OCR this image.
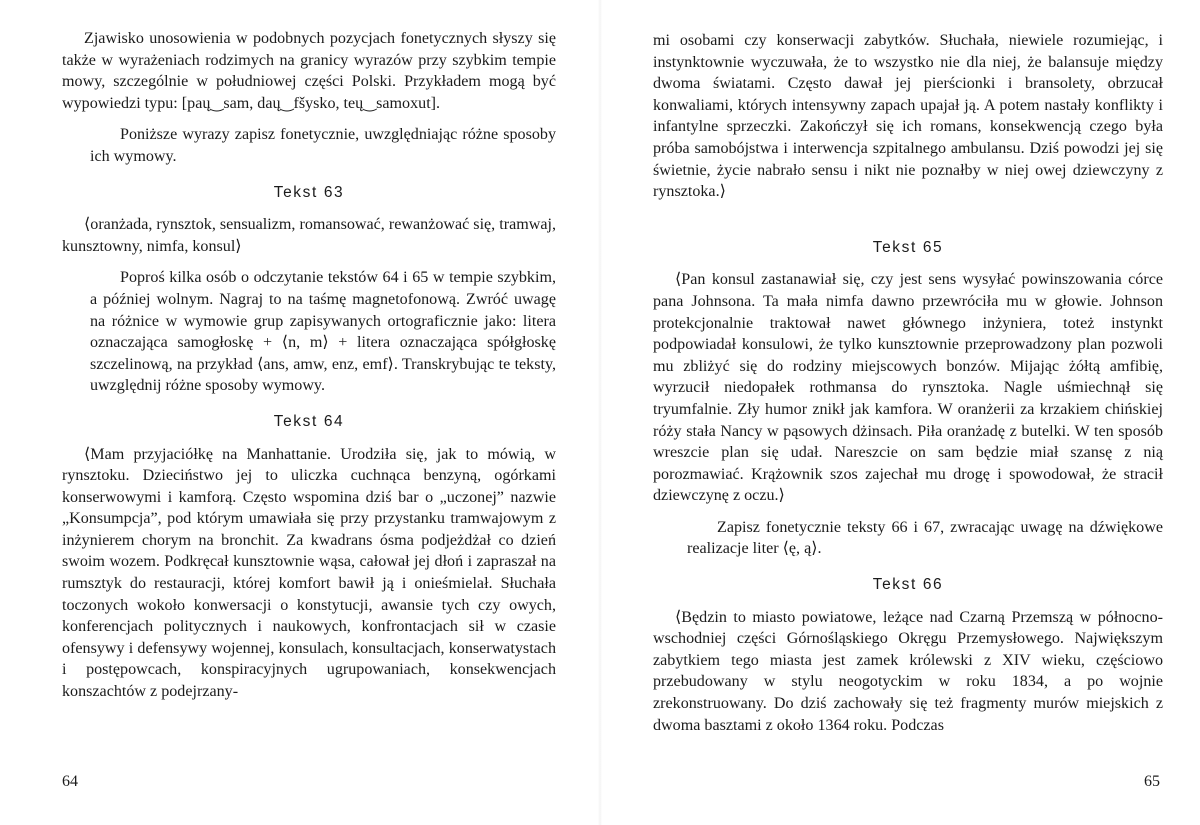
Zjawisko unosowienia w podobnych pozycjach fonetycznych słyszy się także w wyrażeniach rodzimych na granicy wyrazów przy szybkim tempie mowy, szczególnie w południowej części Polski. Przykładem mogą być wypowiedzi typu: [paų‿sam, daų‿fšysko, teų‿samoxut].

Poniższe wyrazy zapisz fonetycznie, uwzględniając różne sposoby ich wymowy.

Tekst 63

⟨oranżada, rynsztok, sensualizm, romansować, rewanżować się, tramwaj, kunsztowny, nimfa, konsul⟩

Poproś kilka osób o odczytanie tekstów 64 i 65 w tempie szybkim, a później wolnym. Nagraj to na taśmę magnetofonową. Zwróć uwagę na różnice w wymowie grup zapisywanych ortograficznie jako: litera oznaczająca samogłoskę + ⟨n, m⟩ + litera oznaczająca spółgłoskę szczelinową, na przykład ⟨ans, amw, enz, emf⟩. Transkrybując te teksty, uwzględnij różne sposoby wymowy.

Tekst 64

⟨Mam przyjaciółkę na Manhattanie. Urodziła się, jak to mówią, w rynsztoku. Dzieciństwo jej to uliczka cuchnąca benzyną, ogórkami konserwowymi i kamforą. Często wspomina dziś bar o „uczonej” nazwie „Konsumpcja”, pod którym umawiała się przy przystanku tramwajowym z inżynierem chorym na bronchit. Za kwadrans ósma podjeżdżał co dzień swoim wozem. Podkręcał kunsztownie wąsa, całował jej dłoń i zapraszał na rumsztyk do restauracji, której komfort bawił ją i onieśmielał. Słuchała toczonych wokoło konwersacji o konstytucji, awansie tych czy owych, konferencjach politycznych i naukowych, konfrontacjach sił w czasie ofensywy i defensywy wojennej, konsulach, konsultacjach, konserwatystach i postępowcach, konspiracyjnych ugrupowaniach, konsekwencjach konszachtów z podejrzany-

64

mi osobami czy konserwacji zabytków. Słuchała, niewiele rozumiejąc, i instynktownie wyczuwała, że to wszystko nie dla niej, że balansuje między dwoma światami. Często dawał jej pierścionki i bransolety, obrzucał konwaliami, których intensywny zapach upajał ją. A potem nastały konflikty i infantylne sprzeczki. Zakończył się ich romans, konsekwencją czego była próba samobójstwa i interwencja szpitalnego ambulansu. Dziś powodzi jej się świetnie, życie nabrało sensu i nikt nie poznałby w niej owej dziewczyny z rynsztoka.⟩

Tekst 65

⟨Pan konsul zastanawiał się, czy jest sens wysyłać powinszowania córce pana Johnsona. Ta mała nimfa dawno przewróciła mu w głowie. Johnson protekcjonalnie traktował nawet głównego inżyniera, toteż instynkt podpowiadał konsulowi, że tylko kunsztownie przeprowadzony plan pozwoli mu zbliżyć się do rodziny miejscowych bonzów. Mijając żółtą amfibię, wyrzucił niedopałek rothmansa do rynsztoka. Nagle uśmiechnął się tryumfalnie. Zły humor znikł jak kamfora. W oranżerii za krzakiem chińskiej róży stała Nancy w pąsowych dżinsach. Piła oranżadę z butelki. W ten sposób wreszcie plan się udał. Nareszcie on sam będzie miał szansę z nią porozmawiać. Krążownik szos zajechał mu drogę i spowodował, że stracił dziewczynę z oczu.⟩

Zapisz fonetycznie teksty 66 i 67, zwracając uwagę na dźwiękowe realizacje liter ⟨ę, ą⟩.

Tekst 66

⟨Będzin to miasto powiatowe, leżące nad Czarną Przemszą w północno-wschodniej części Górnośląskiego Okręgu Przemysłowego. Największym zabytkiem tego miasta jest zamek królewski z XIV wieku, częściowo przebudowany w stylu neogotyckim w roku 1834, a po wojnie zrekonstruowany. Do dziś zachowały się też fragmenty murów miejskich z dwoma basztami z około 1364 roku. Podczas

65
